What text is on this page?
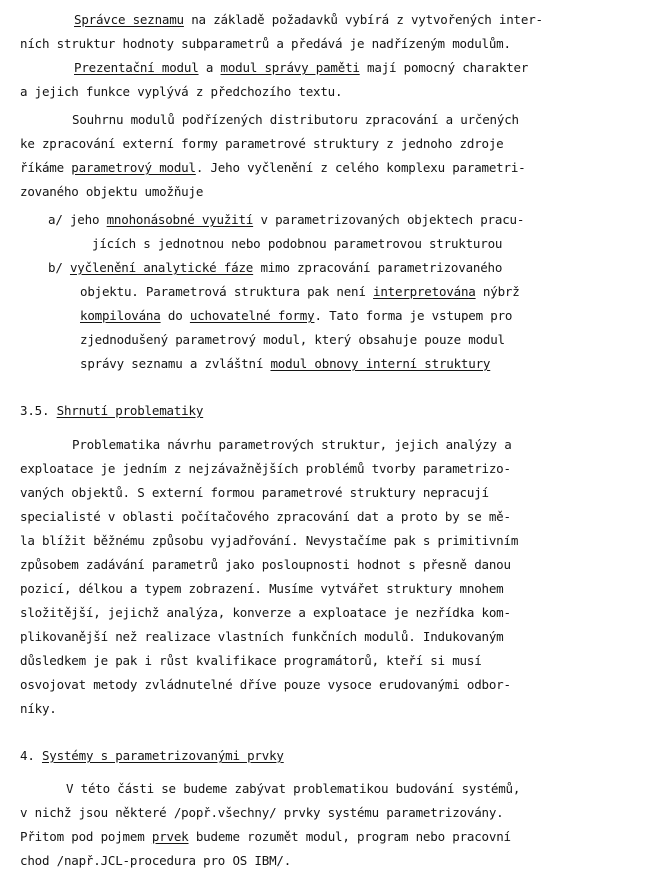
Správce seznamu na základě požadavků vybírá z vytvořených inter-
ních struktur hodnoty subparametrů a předává je nadřízeným modulům.
Prezentační modul a modul správy paměti mají pomocný charakter
a jejich funkce vyplývá z předchozího textu.
Souhrnu modulů podřízených distributoru zpracování a určených
ke zpracování externí formy parametrové struktury z jednoho zdroje
říkáme parametrový modul. Jeho vyčlenění z celého komplexu parametri-
zovaného objektu umožňuje
a/ jeho mnohonásobné využití v parametrizovaných objektech pracu-
jících s jednotnou nebo podobnou parametrovou strukturou
b/ vyčlenění analytické fáze mimo zpracování parametrizovaného
objektu. Parametrová struktura pak není interpretována nýbrž
kompilována do uchovatelné formy. Tato forma je vstupem pro
zjednodušený parametrový modul, který obsahuje pouze modul
správy seznamu a zvláštní modul obnovy interní struktury
3.5. Shrnutí problematiky
Problematika návrhu parametrových struktur, jejich analýzy a
exploatace je jedním z nejzávažnějších problémů tvorby parametrizo-
vaných objektů. S externí formou parametrové struktury nepracují
specialisté v oblasti počítačového zpracování dat a proto by se mě-
la blížit běžnému způsobu vyjadřování. Nevystačíme pak s primitivním
způsobem zadávání parametrů jako posloupnosti hodnot s přesně danou
pozicí, délkou a typem zobrazení. Musíme vytvářet struktury mnohem
složitější, jejichž analýza, konverze a exploatace je nezřídka kom-
plikovanější než realizace vlastních funkčních modulů. Indukovaným
důsledkem je pak i růst kvalifikace programátorů, kteří si musí
osvojovat metody zvládnutelné dříve pouze vysoce erudovanými odbor-
níky.
4. Systémy s parametrizovanými prvky
V této části se budeme zabývat problematikou budování systémů,
v nichž jsou některé /popř.všechny/ prvky systému parametrizovány.
Přitom pod pojmem prvek budeme rozumět modul, program nebo pracovní
chod /např.JCL-procedura pro OS IBM/.
